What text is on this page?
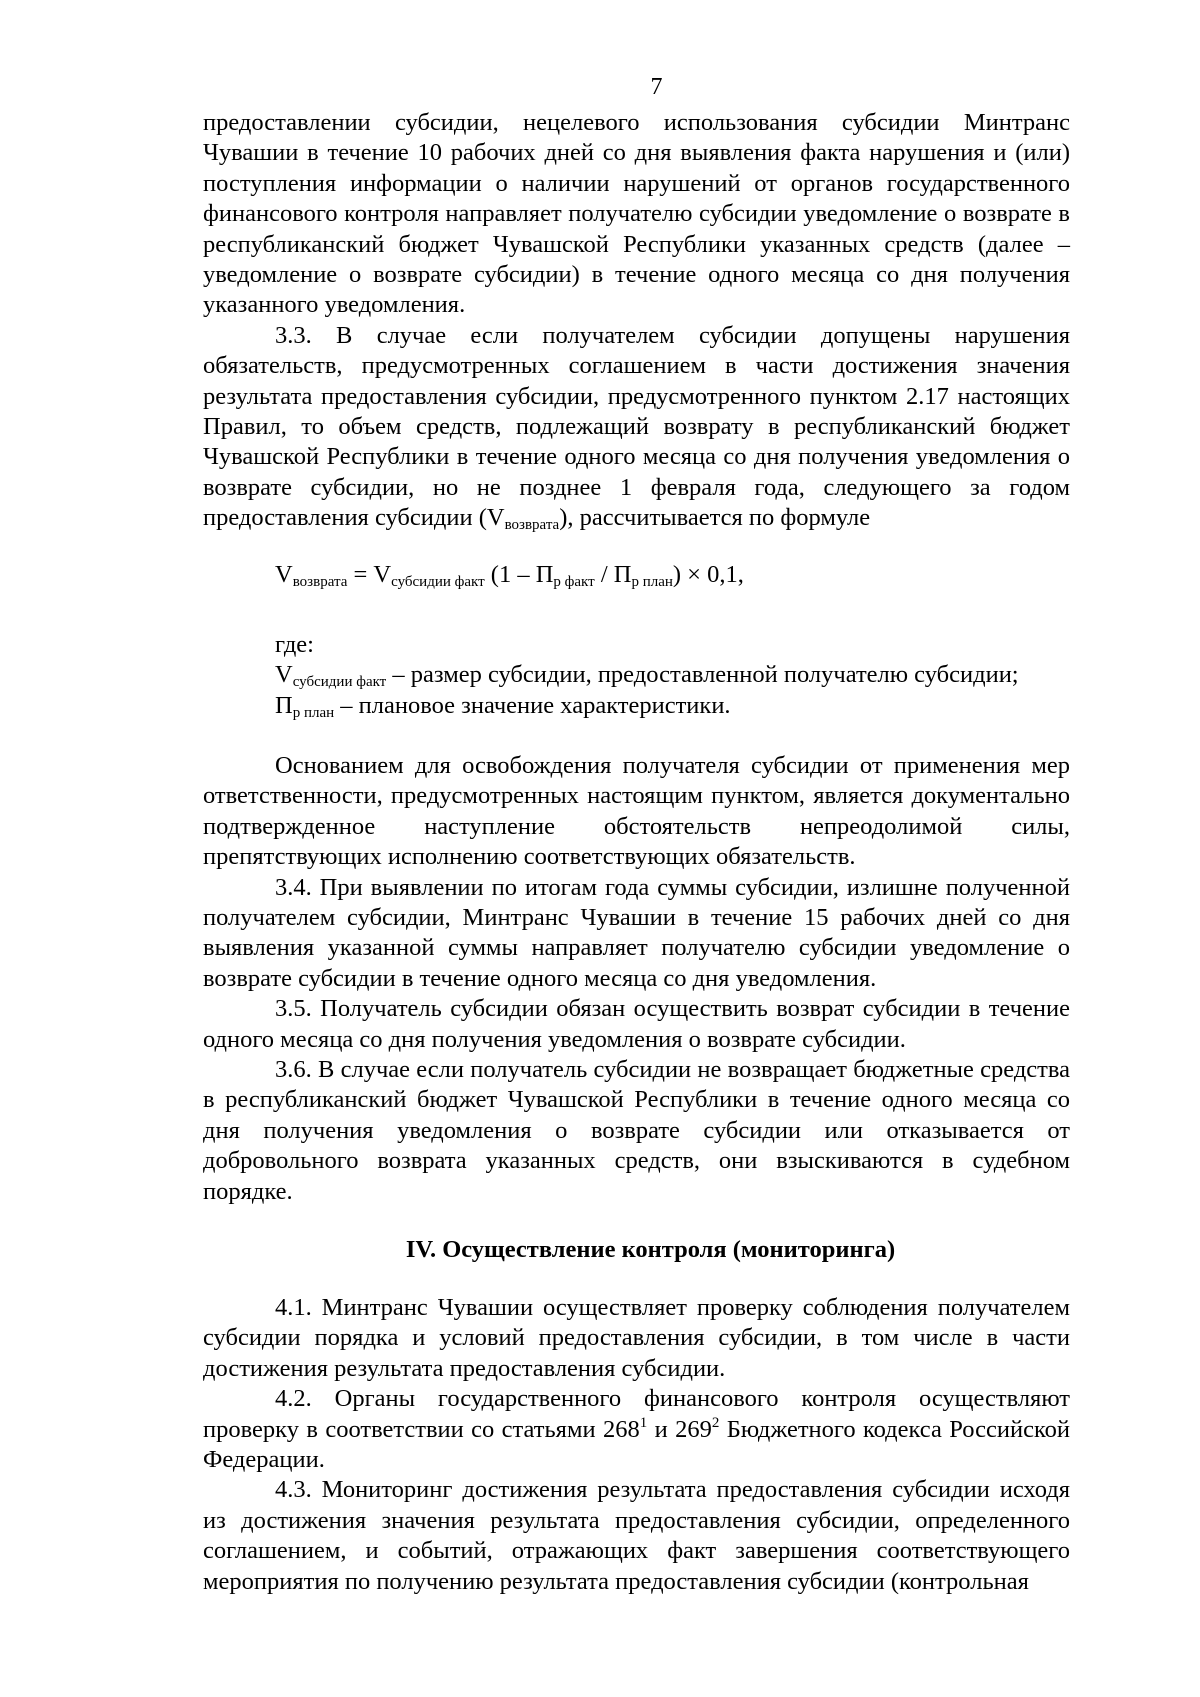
7

предоставлении субсидии, нецелевого использования субсидии Минтранс Чувашии в течение 10 рабочих дней со дня выявления факта нарушения и (или) поступления информации о наличии нарушений от органов государственного финансового контроля направляет получателю субсидии уведомление о возврате в республиканский бюджет Чувашской Республики указанных средств (далее – уведомление о возврате субсидии) в течение одного месяца со дня получения указанного уведомления.

3.3. В случае если получателем субсидии допущены нарушения обязательств, предусмотренных соглашением в части достижения значения результата предоставления субсидии, предусмотренного пунктом 2.17 настоящих Правил, то объем средств, подлежащий возврату в республиканский бюджет Чувашской Республики в течение одного месяца со дня получения уведомления о возврате субсидии, но не позднее 1 февраля года, следующего за годом предоставления субсидии $(V_{возврата})$, рассчитывается по формуле

$V_{возврата} = V_{субсидии факт}$ $(1 - П_{р факт} / П_{р план}) \times 0,1$,

где:

$V_{субсидии факт}$ – размер субсидии, предоставленной получателю субсидии;

$П_{р план}$ – плановое значение характеристики.

Основанием для освобождения получателя субсидии от применения мер ответственности, предусмотренных настоящим пунктом, является документально подтвержденное наступление обстоятельств непреодолимой силы, препятствующих исполнению соответствующих обязательств.

3.4. При выявлении по итогам года суммы субсидии, излишне полученной получателем субсидии, Минтранс Чувашии в течение 15 рабочих дней со дня выявления указанной суммы направляет получателю субсидии уведомление о возврате субсидии в течение одного месяца со дня уведомления.

3.5. Получатель субсидии обязан осуществить возврат субсидии в течение одного месяца со дня получения уведомления о возврате субсидии.

3.6. В случае если получатель субсидии не возвращает бюджетные средства в республиканский бюджет Чувашской Республики в течение одного месяца со дня получения уведомления о возврате субсидии или отказывается от добровольного возврата указанных средств, они взыскиваются в судебном порядке.

IV. Осуществление контроля (мониторинга)

4.1. Минтранс Чувашии осуществляет проверку соблюдения получателем субсидии порядка и условий предоставления субсидии, в том числе в части достижения результата предоставления субсидии.

4.2. Органы государственного финансового контроля осуществляют проверку в соответствии со статьями $268^1$ и $269^2$ Бюджетного кодекса Российской Федерации.

4.3. Мониторинг достижения результата предоставления субсидии исходя из достижения значения результата предоставления субсидии, определенного соглашением, и событий, отражающих факт завершения соответствующего мероприятия по получению результата предоставления субсидии (контрольная
